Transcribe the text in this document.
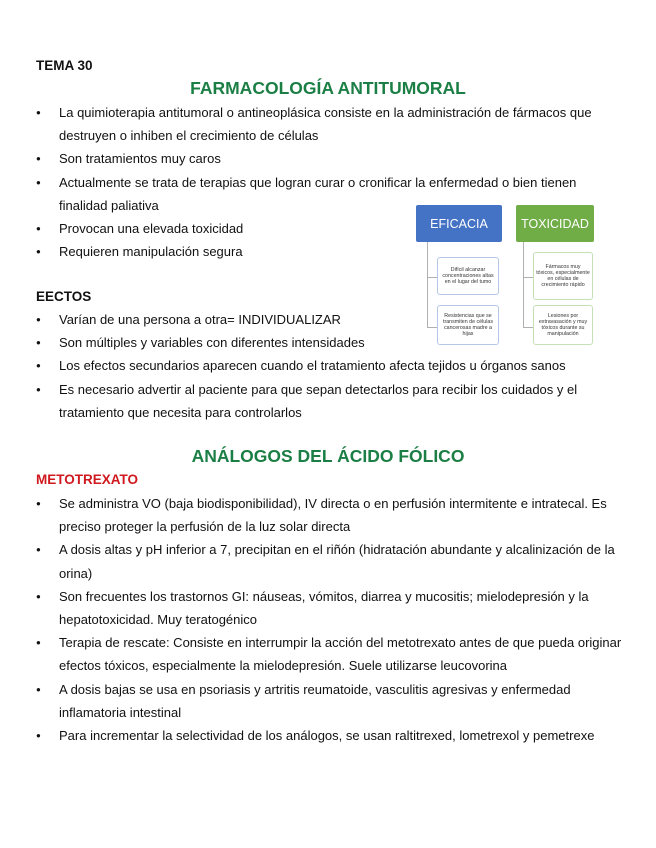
TEMA 30
FARMACOLOGÍA ANTITUMORAL
● La quimioterapia antitumoral o antineoplásica consiste en la administración de fármacos que destruyen o inhiben el crecimiento de células
● Son tratamientos muy caros
● Actualmente se trata de terapias que logran curar o cronificar la enfermedad o bien tienen finalidad paliativa
● Provocan una elevada toxicidad
● Requieren manipulación segura
EFICACIA	TOXICIDAD
Difícil alcanzar concentraciones altas en el lugar del tumo
Resistencias que se transmiten de células cancerosas madre a hijas
Fármacos muy tóxicos, especialmente en células de crecimiento rápido
Lesiones por extravasación y muy tóxicos durante su manipulación
EECTOS
● Varían de una persona a otra= INDIVIDUALIZAR
● Son múltiples y variables con diferentes intensidades
● Los efectos secundarios aparecen cuando el tratamiento afecta tejidos u órganos sanos
● Es necesario advertir al paciente para que sepan detectarlos para recibir los cuidados y el tratamiento que necesita para controlarlos
ANÁLOGOS DEL ÁCIDO FÓLICO
METOTREXATO
● Se administra VO (baja biodisponibilidad), IV directa o en perfusión intermitente e intratecal. Es preciso proteger la perfusión de la luz solar directa
● A dosis altas y pH inferior a 7, precipitan en el riñón (hidratación abundante y alcalinización de la orina)
● Son frecuentes los trastornos GI: náuseas, vómitos, diarrea y mucositis; mielodepresión y la hepatotoxicidad. Muy teratogénico
● Terapia de rescate: Consiste en interrumpir la acción del metotrexato antes de que pueda originar efectos tóxicos, especialmente la mielodepresión. Suele utilizarse leucovorina
● A dosis bajas se usa en psoriasis y artritis reumatoide, vasculitis agresivas y enfermedad inflamatoria intestinal
● Para incrementar la selectividad de los análogos, se usan raltitrexed, lometrexol y pemetrexe
